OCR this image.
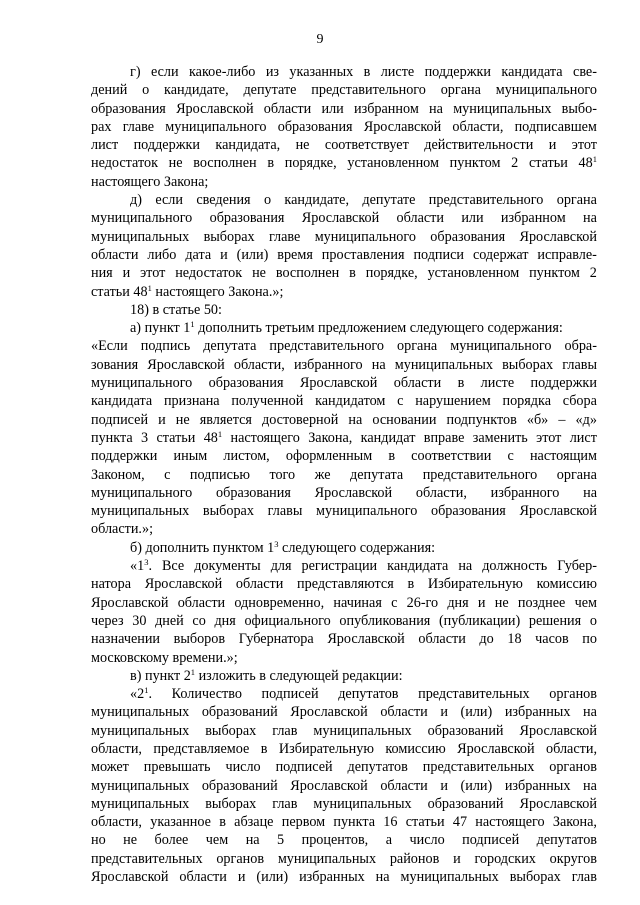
9
г) если какое-либо из указанных в листе поддержки кандидата све-
дений о кандидате, депутате представительного органа муниципального
образования Ярославской области или избранном на муниципальных выбо-
рах главе муниципального образования Ярославской области, подписавшем
лист поддержки кандидата, не соответствует действительности и этот
недостаток не восполнен в порядке, установленном пунктом 2 статьи $48^1$
настоящего Закона;
д) если сведения о кандидате, депутате представительного органа
муниципального образования Ярославской области или избранном на
муниципальных выборах главе муниципального образования Ярославской
области либо дата и (или) время проставления подписи содержат исправле-
ния и этот недостаток не восполнен в порядке, установленном пунктом 2
статьи $48^1$ настоящего Закона.»;
18) в статье 50:
а) пункт $1^1$ дополнить третьим предложением следующего содержания:
«Если подпись депутата представительного органа муниципального обра-
зования Ярославской области, избранного на муниципальных выборах главы
муниципального образования Ярославской области в листе поддержки
кандидата признана полученной кандидатом с нарушением порядка сбора
подписей и не является достоверной на основании подпунктов «б» – «д»
пункта 3 статьи $48^1$ настоящего Закона, кандидат вправе заменить этот лист
поддержки иным листом, оформленным в соответствии с настоящим
Законом, с подписью того же депутата представительного органа
муниципального образования Ярославской области, избранного на
муниципальных выборах главы муниципального образования Ярославской
области.»;
б) дополнить пунктом $1^3$ следующего содержания:
«$1^3$. Все документы для регистрации кандидата на должность Губер-
натора Ярославской области представляются в Избирательную комиссию
Ярославской области одновременно, начиная с 26-го дня и не позднее чем
через 30 дней со дня официального опубликования (публикации) решения о
назначении выборов Губернатора Ярославской области до 18 часов по
московскому времени.»;
в) пункт $2^1$ изложить в следующей редакции:
«$2^1$. Количество подписей депутатов представительных органов
муниципальных образований Ярославской области и (или) избранных на
муниципальных выборах глав муниципальных образований Ярославской
области, представляемое в Избирательную комиссию Ярославской области,
может превышать число подписей депутатов представительных органов
муниципальных образований Ярославской области и (или) избранных на
муниципальных выборах глав муниципальных образований Ярославской
области, указанное в абзаце первом пункта 16 статьи 47 настоящего Закона,
но не более чем на 5 процентов, а число подписей депутатов
представительных органов муниципальных районов и городских округов
Ярославской области и (или) избранных на муниципальных выборах глав
